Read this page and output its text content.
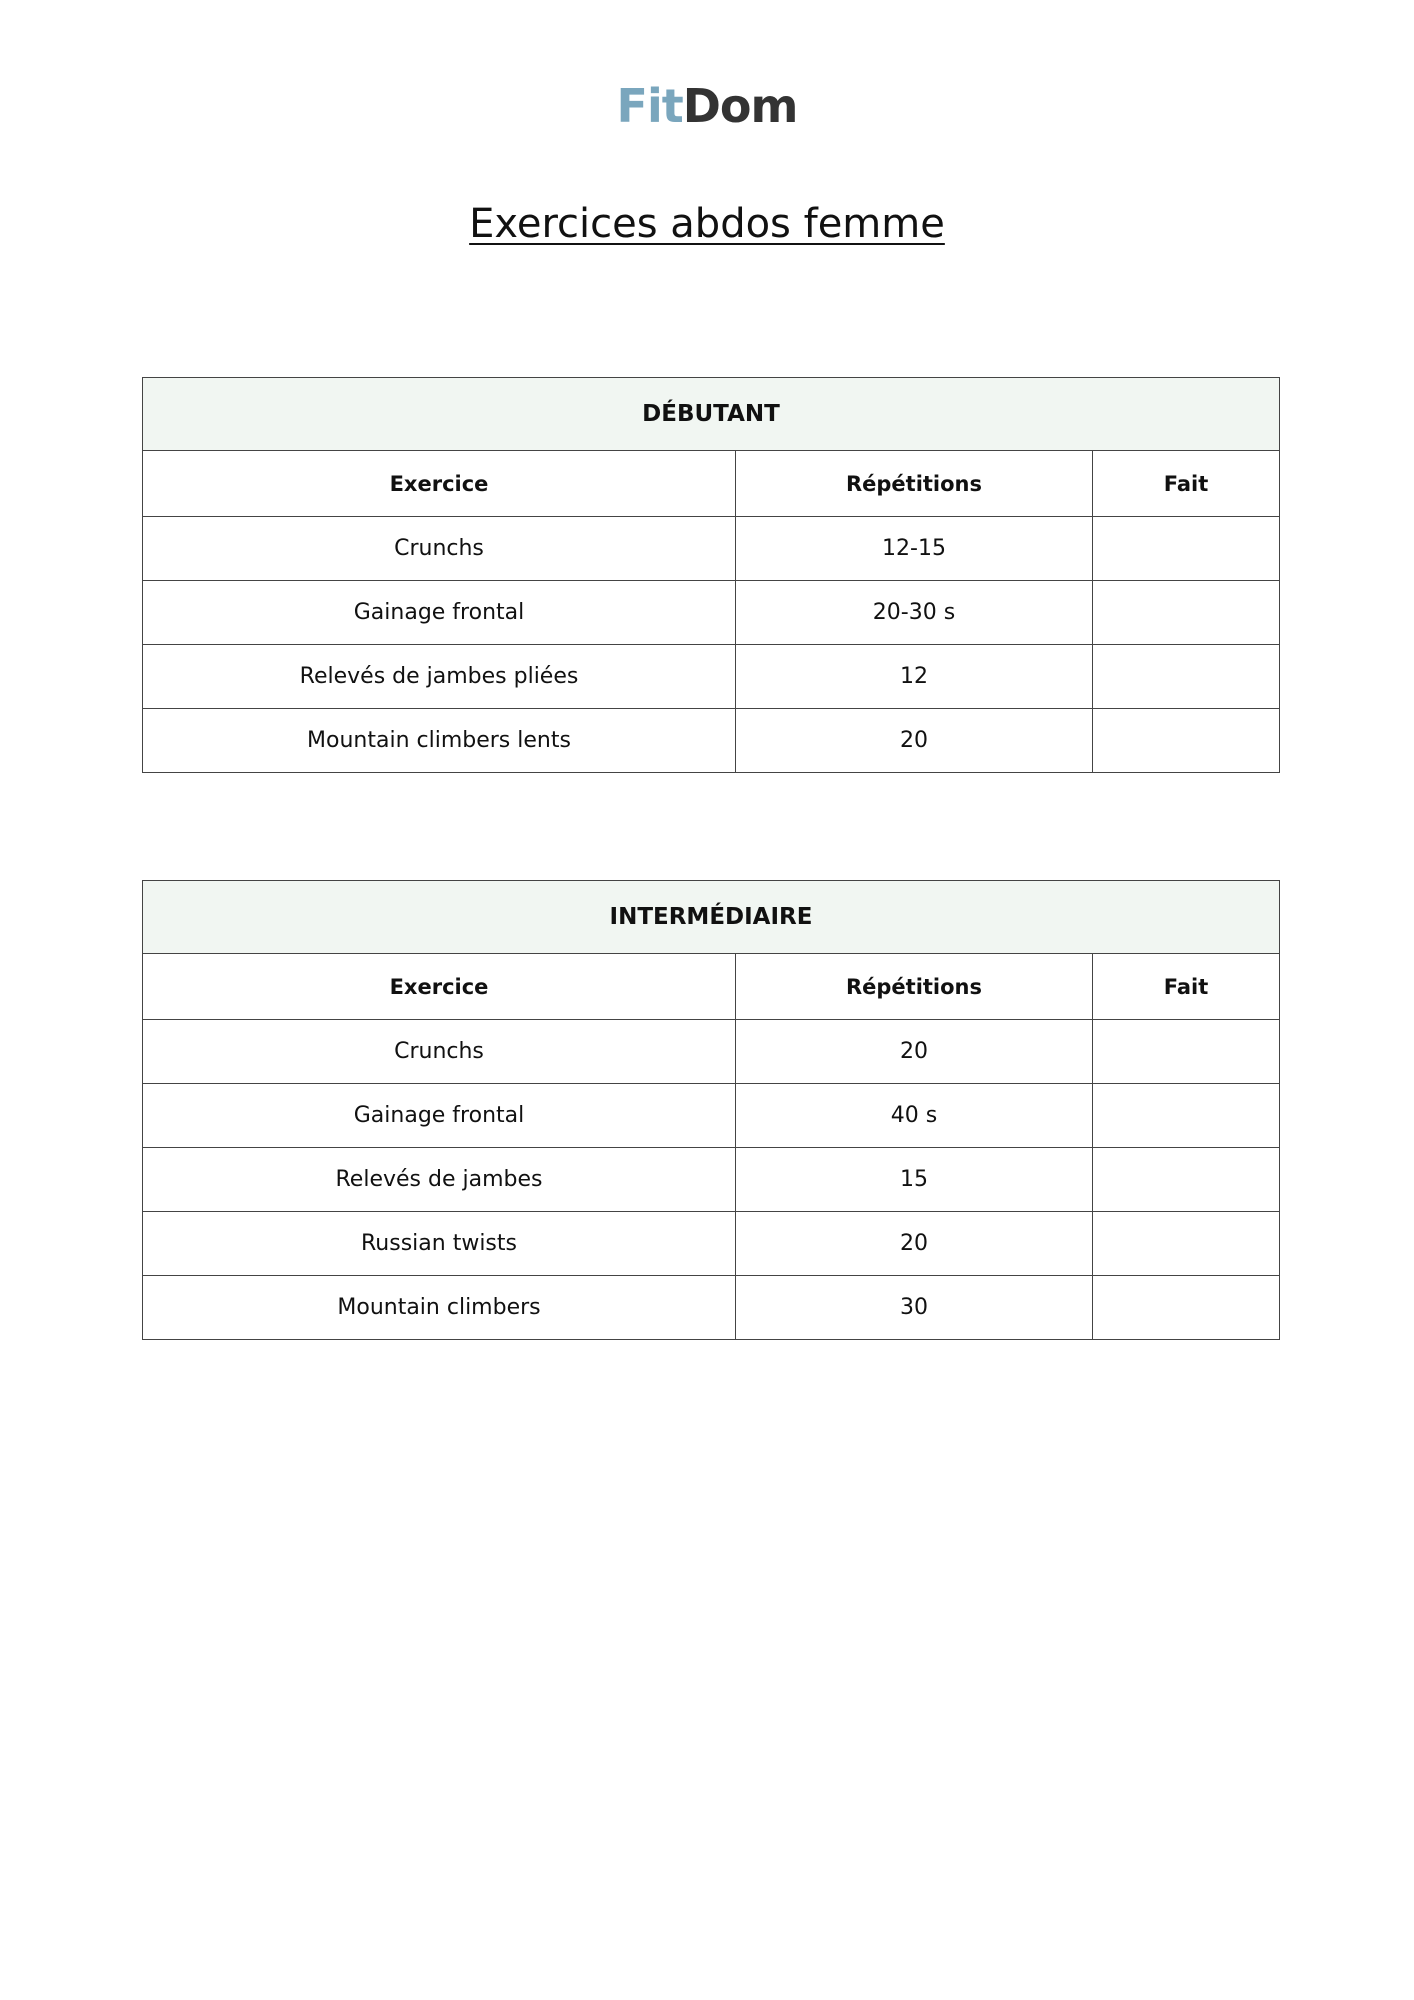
FitDom
Exercices abdos femme
DÉBUTANT		
Exercice	Répétitions	Fait
Crunchs	12-15	
Gainage frontal	20-30 s	
Relevés de jambes pliées	12	
Mountain climbers lents	20	
INTERMÉDIAIRE		
Exercice	Répétitions	Fait
Crunchs	20	
Gainage frontal	40 s	
Relevés de jambes	15	
Russian twists	20	
Mountain climbers	30	
